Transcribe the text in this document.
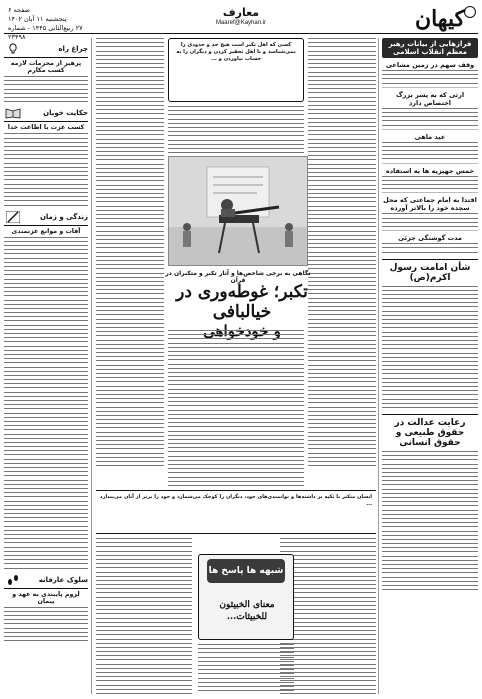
کیهان
معارف
Maaref@Kayhan.ir
صفحه ۶
پنجشنبه ۱۱ آبان ۱۴۰۲
۲۷ ربیع‌الثانی ۱۴۴۵ - شماره ۲۳۴۹۸
فرازهایی از بیانات رهبر معظم انقلاب اسلامی
وقف سهم در زمین مشاعی
ارثی که به پسر بزرگ اختصاص دارد
عید ماهی
خمس جهیزیه ها به استفاده
اقتدا به امام جماعتی که محل سجده خود را بالاتر آورده
مدت گوشتگی جزئی
شأن امامت رسول اکرم(ص)
رعایت عدالت در حقوق طبیعی و حقوق انسانی
کسی که اهل تکبر است هیچ حد و حدودی را نمی‌شناسد و با اهل تحقیر کردن و دیگران را به حساب نیاوردن و ...
نگاهی به برخی شاخص‌ها و آثار تکبر و متکبران در قرآن
تکبر؛ غوطه‌وری در خیالبافی
و خودخواهی
انسان متکبر با تکیه بر داشته‌ها و توانمندی‌های خود، دیگران را کوچک می‌شمارد و خود را برتر از آنان می‌پندارد ...
شبهه ها پاسخ ها
معنای الخبیثون للخبیثات...
چراغ راه
پرهیز از محرمات لازمه کسب مکارم
حکایت خوبان
کسب عزت با اطاعت خدا
زندگی و زمان
آفات و موانع عزتمندی
سلوک عارفانه
لزوم پایبندی به عهد و پیمان
